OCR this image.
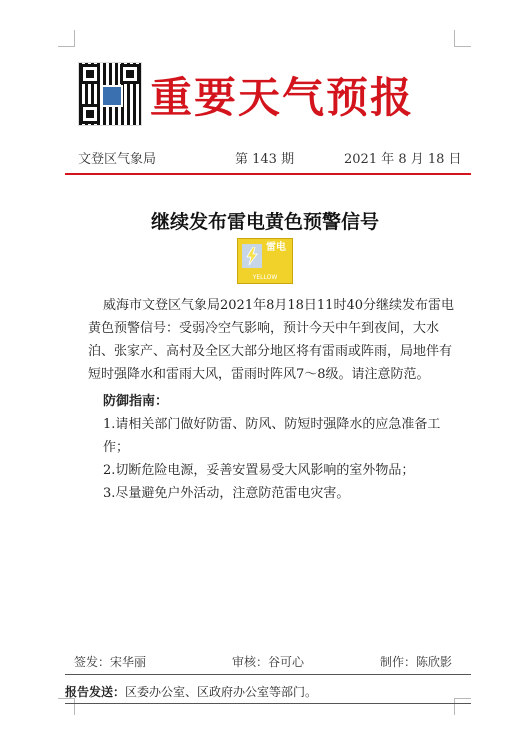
重要天气预报
文登区气象局	第 143 期	2021 年 8 月 18 日
继续发布雷电黄色预警信号
雷电
YELLOW

威海市文登区气象局2021年8月18日11时40分继续发布雷电黄色预警信号：受弱冷空气影响，预计今天中午到夜间，大水泊、张家产、高村及全区大部分地区将有雷雨或阵雨，局地伴有短时强降水和雷雨大风，雷雨时阵风7～8级。请注意防范。

防御指南：

1.请相关部门做好防雷、防风、防短时强降水的应急准备工作；

2.切断危险电源，妥善安置易受大风影响的室外物品；

3.尽量避免户外活动，注意防范雷电灾害。

签发：宋华丽	审核：谷可心	制作：陈欣影
报告发送：区委办公室、区政府办公室等部门。
